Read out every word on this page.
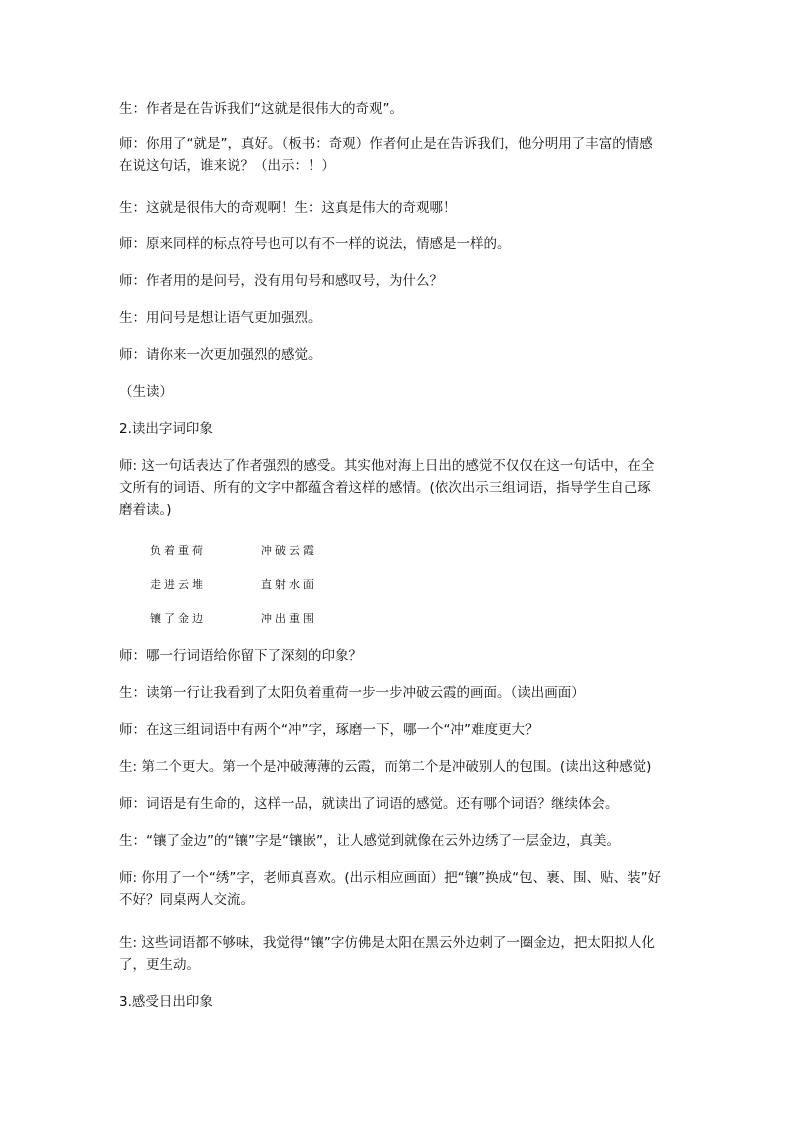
生：作者是在告诉我们“这就是很伟大的奇观”。
师：你用了“就是”，真好。（板书：奇观）作者何止是在告诉我们，他分明用了丰富的情感
在说这句话，谁来说？（出示：！）
生：这就是很伟大的奇观啊！生：这真是伟大的奇观哪！
师：原来同样的标点符号也可以有不一样的说法，情感是一样的。
师：作者用的是问号，没有用句号和感叹号，为什么？
生：用问号是想让语气更加强烈。
师：请你来一次更加强烈的感觉。
（生读）
2.读出字词印象
师: 这一句话表达了作者强烈的感受。其实他对海上日出的感觉不仅仅在这一句话中，在全
文所有的词语、所有的文字中都蕴含着这样的感情。(依次出示三组词语，指导学生自己琢
磨着读。)
负着重荷	冲破云霞
走进云堆	直射水面
镶了金边	冲出重围
师：哪一行词语给你留下了深刻的印象？
生：读第一行让我看到了太阳负着重荷一步一步冲破云霞的画面。（读出画面）
师：在这三组词语中有两个“冲”字，琢磨一下，哪一个“冲”难度更大？
生: 第二个更大。第一个是冲破薄薄的云霞，而第二个是冲破别人的包围。(读出这种感觉)
师：词语是有生命的，这样一品，就读出了词语的感觉。还有哪个词语？继续体会。
生：“镶了金边”的“镶”字是“镶嵌”，让人感觉到就像在云外边绣了一层金边，真美。
师: 你用了一个“绣”字，老师真喜欢。(出示相应画面）把“镶”换成“包、裹、围、贴、装”好
不好？同桌两人交流。
生: 这些词语都不够味，我觉得“镶”字仿佛是太阳在黑云外边刺了一圈金边，把太阳拟人化
了，更生动。
3.感受日出印象
